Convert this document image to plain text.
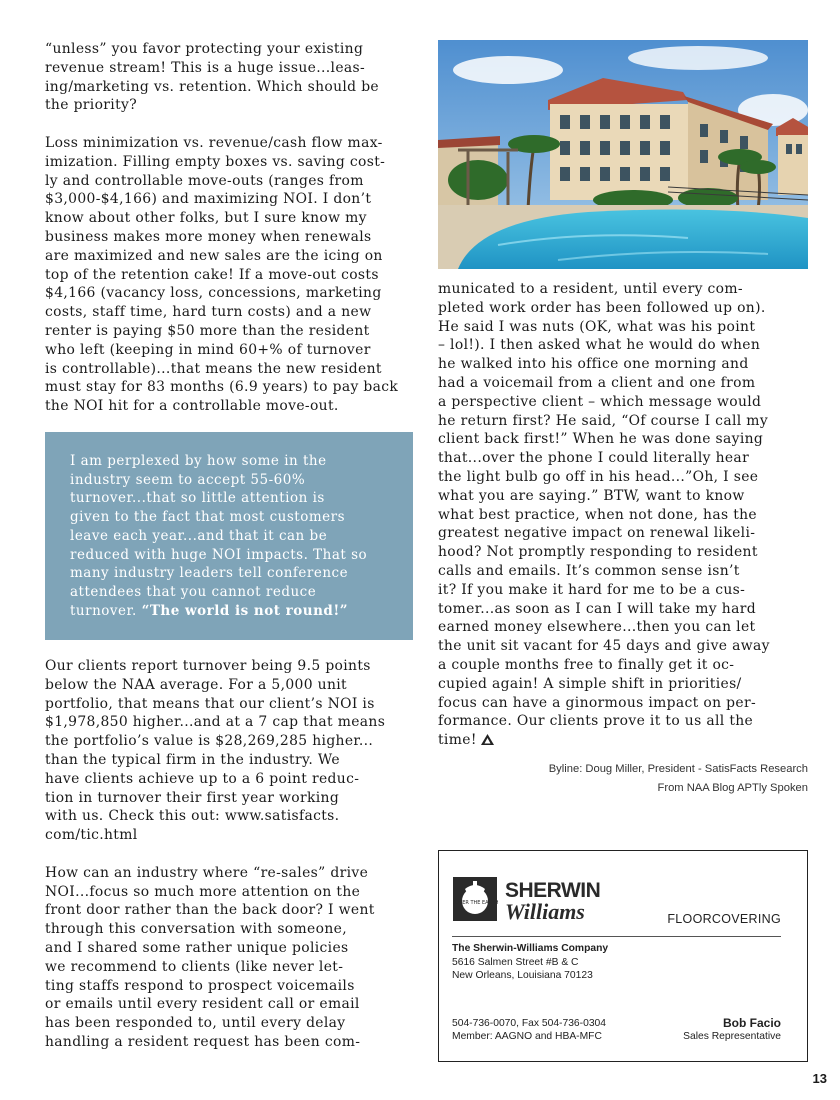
“unless” you favor protecting your existing
revenue stream! This is a huge issue...leas-
ing/marketing vs. retention. Which should be
the priority?

Loss minimization vs. revenue/cash flow max-
imization. Filling empty boxes vs. saving cost-
ly and controllable move-outs (ranges from
$3,000-$4,166) and maximizing NOI. I don’t
know about other folks, but I sure know my
business makes more money when renewals
are maximized and new sales are the icing on
top of the retention cake! If a move-out costs
$4,166 (vacancy loss, concessions, marketing
costs, staff time, hard turn costs) and a new
renter is paying $50 more than the resident
who left (keeping in mind 60+% of turnover
is controllable)...that means the new resident
must stay for 83 months (6.9 years) to pay back
the NOI hit for a controllable move-out.

I am perplexed by how some in the
industry seem to accept 55-60%
turnover...that so little attention is
given to the fact that most customers
leave each year...and that it can be
reduced with huge NOI impacts. That so
many industry leaders tell conference
attendees that you cannot reduce
turnover. “The world is not round!”

Our clients report turnover being 9.5 points
below the NAA average. For a 5,000 unit
portfolio, that means that our client’s NOI is
$1,978,850 higher...and at a 7 cap that means
the portfolio’s value is $28,269,285 higher...
than the typical firm in the industry. We
have clients achieve up to a 6 point reduc-
tion in turnover their first year working
with us. Check this out: www.satisfacts.
com/tic.html

How can an industry where “re-sales” drive
NOI...focus so much more attention on the
front door rather than the back door? I went
through this conversation with someone,
and I shared some rather unique policies
we recommend to clients (like never let-
ting staffs respond to prospect voicemails
or emails until every resident call or email
has been responded to, until every delay
handling a resident request has been com-

municated to a resident, until every com-
pleted work order has been followed up on).
He said I was nuts (OK, what was his point
– lol!). I then asked what he would do when
he walked into his office one morning and
had a voicemail from a client and one from
a perspective client – which message would
he return first? He said, “Of course I call my
client back first!” When he was done saying
that...over the phone I could literally hear
the light bulb go off in his head...”Oh, I see
what you are saying.” BTW, want to know
what best practice, when not done, has the
greatest negative impact on renewal likeli-
hood? Not promptly responding to resident
calls and emails. It’s common sense isn’t
it? If you make it hard for me to be a cus-
tomer...as soon as I can I will take my hard
earned money elsewhere...then you can let
the unit sit vacant for 45 days and give away
a couple months free to finally get it oc-
cupied again! A simple shift in priorities/
focus can have a ginormous impact on per-
formance. Our clients prove it to us all the
time!

Byline: Doug Miller, President - SatisFacts Research
From NAA Blog APTly Spoken
COVER THE EARTH
SHERWIN
Williams	FLOORCOVERING
The Sherwin-Williams Company
5616 Salmen Street #B & C
New Orleans, Louisiana 70123
504-736-0070, Fax 504-736-0304
Member: AAGNO and HBA-MFC
Bob Facio
Sales Representative
13
